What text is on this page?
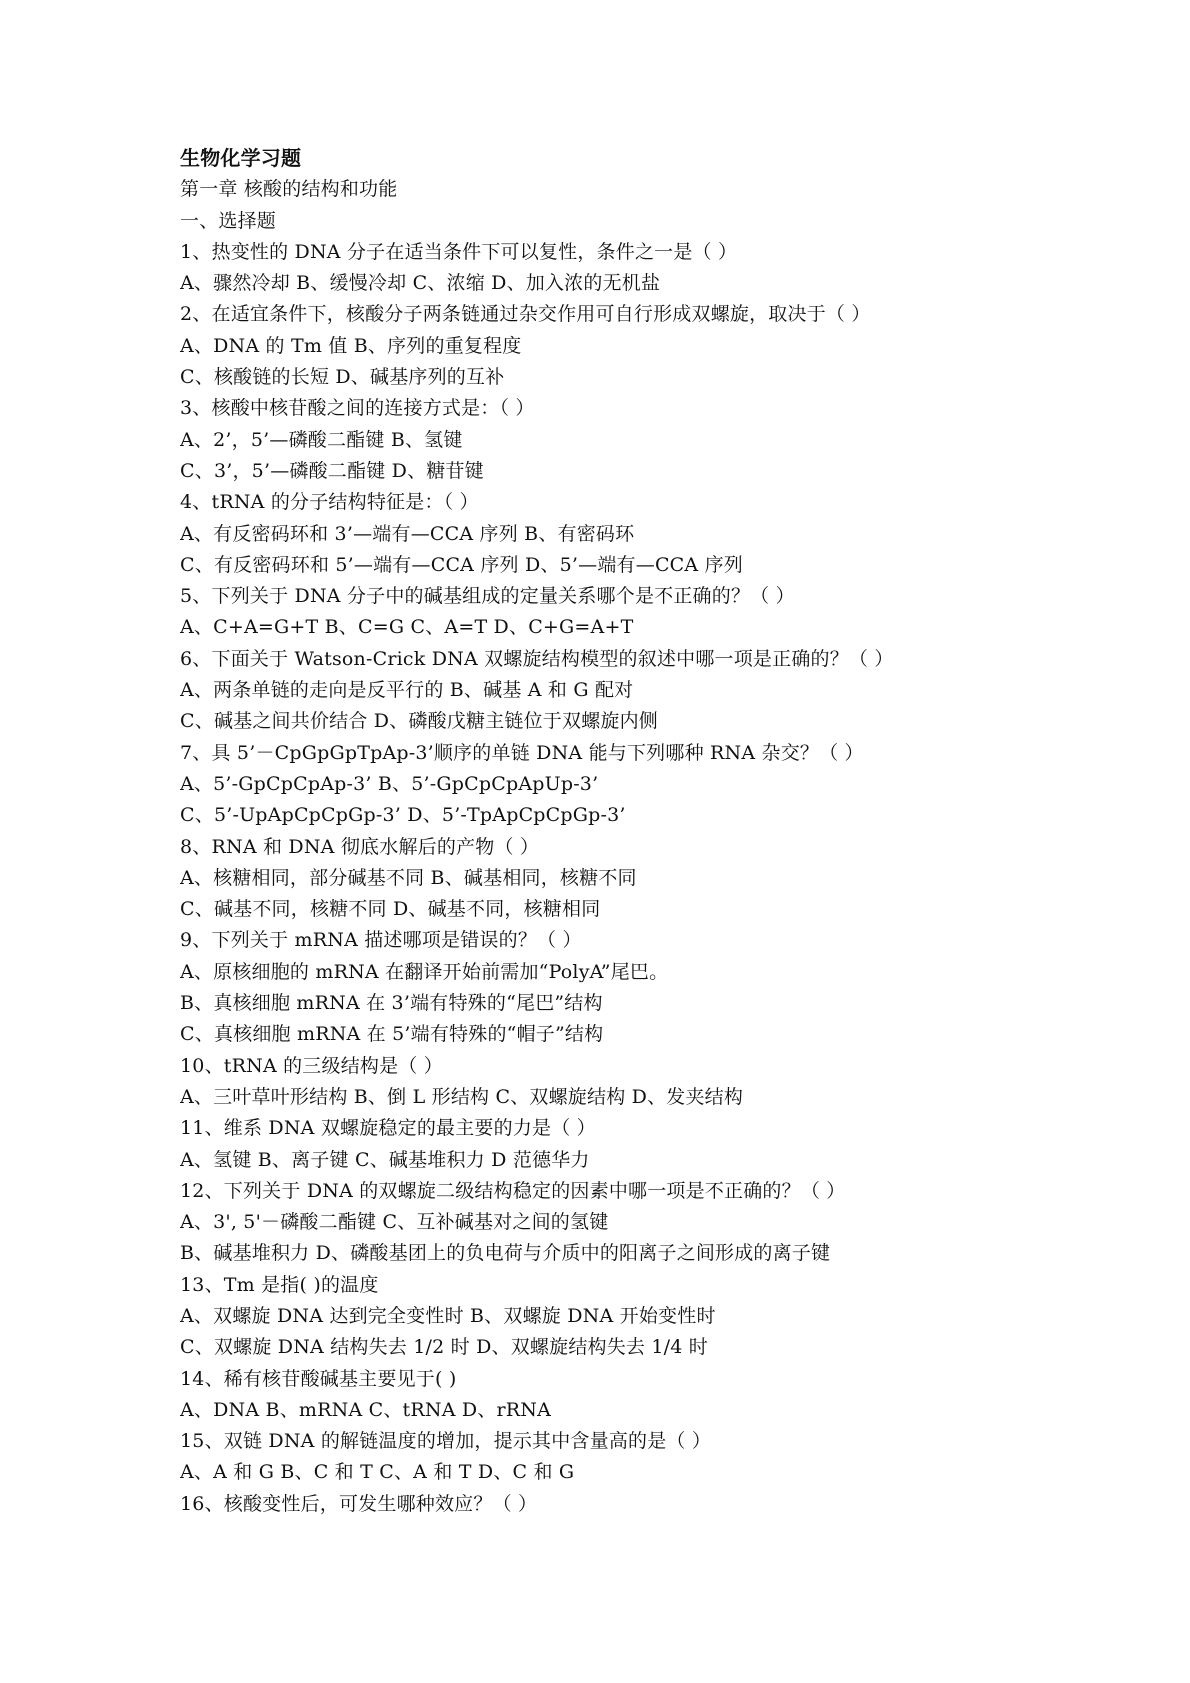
生物化学习题
第一章 核酸的结构和功能
一、选择题
1、热变性的 DNA 分子在适当条件下可以复性，条件之一是（ ）
A、骤然冷却 B、缓慢冷却 C、浓缩 D、加入浓的无机盐
2、在适宜条件下，核酸分子两条链通过杂交作用可自行形成双螺旋，取决于（ ）
A、DNA 的 Tm 值 B、序列的重复程度
C、核酸链的长短 D、碱基序列的互补
3、核酸中核苷酸之间的连接方式是：（ ）
A、2’，5’—磷酸二酯键 B、氢键
C、3’，5’—磷酸二酯键 D、糖苷键
4、tRNA 的分子结构特征是：（ ）
A、有反密码环和 3’—端有—CCA 序列 B、有密码环
C、有反密码环和 5’—端有—CCA 序列 D、5’—端有—CCA 序列
5、下列关于 DNA 分子中的碱基组成的定量关系哪个是不正确的？（ ）
A、C+A=G+T B、C=G C、A=T D、C+G=A+T
6、下面关于 Watson-Crick DNA 双螺旋结构模型的叙述中哪一项是正确的？（ ）
A、两条单链的走向是反平行的 B、碱基 A 和 G 配对
C、碱基之间共价结合 D、磷酸戊糖主链位于双螺旋内侧
7、具 5’－CpGpGpTpAp-3’顺序的单链 DNA 能与下列哪种 RNA 杂交？（ ）
A、5’-GpCpCpAp-3’ B、5’-GpCpCpApUp-3’
C、5’-UpApCpCpGp-3’ D、5’-TpApCpCpGp-3’
8、RNA 和 DNA 彻底水解后的产物（ ）
A、核糖相同，部分碱基不同 B、碱基相同，核糖不同
C、碱基不同，核糖不同 D、碱基不同，核糖相同
9、下列关于 mRNA 描述哪项是错误的？（ ）
A、原核细胞的 mRNA 在翻译开始前需加“PolyA”尾巴。
B、真核细胞 mRNA 在 3’端有特殊的“尾巴”结构
C、真核细胞 mRNA 在 5’端有特殊的“帽子”结构
10、tRNA 的三级结构是（ ）
A、三叶草叶形结构 B、倒 L 形结构 C、双螺旋结构 D、发夹结构
11、维系 DNA 双螺旋稳定的最主要的力是（ ）
A、氢键 B、离子键 C、碱基堆积力 D 范德华力
12、下列关于 DNA 的双螺旋二级结构稳定的因素中哪一项是不正确的？（ ）
A、3', 5'－磷酸二酯键 C、互补碱基对之间的氢键
B、碱基堆积力 D、磷酸基团上的负电荷与介质中的阳离子之间形成的离子键
13、Tm 是指( )的温度
A、双螺旋 DNA 达到完全变性时 B、双螺旋 DNA 开始变性时
C、双螺旋 DNA 结构失去 1/2 时 D、双螺旋结构失去 1/4 时
14、稀有核苷酸碱基主要见于( )
A、DNA B、mRNA C、tRNA D、rRNA
15、双链 DNA 的解链温度的增加，提示其中含量高的是（ ）
A、A 和 G B、C 和 T C、A 和 T D、C 和 G
16、核酸变性后，可发生哪种效应？（ ）
